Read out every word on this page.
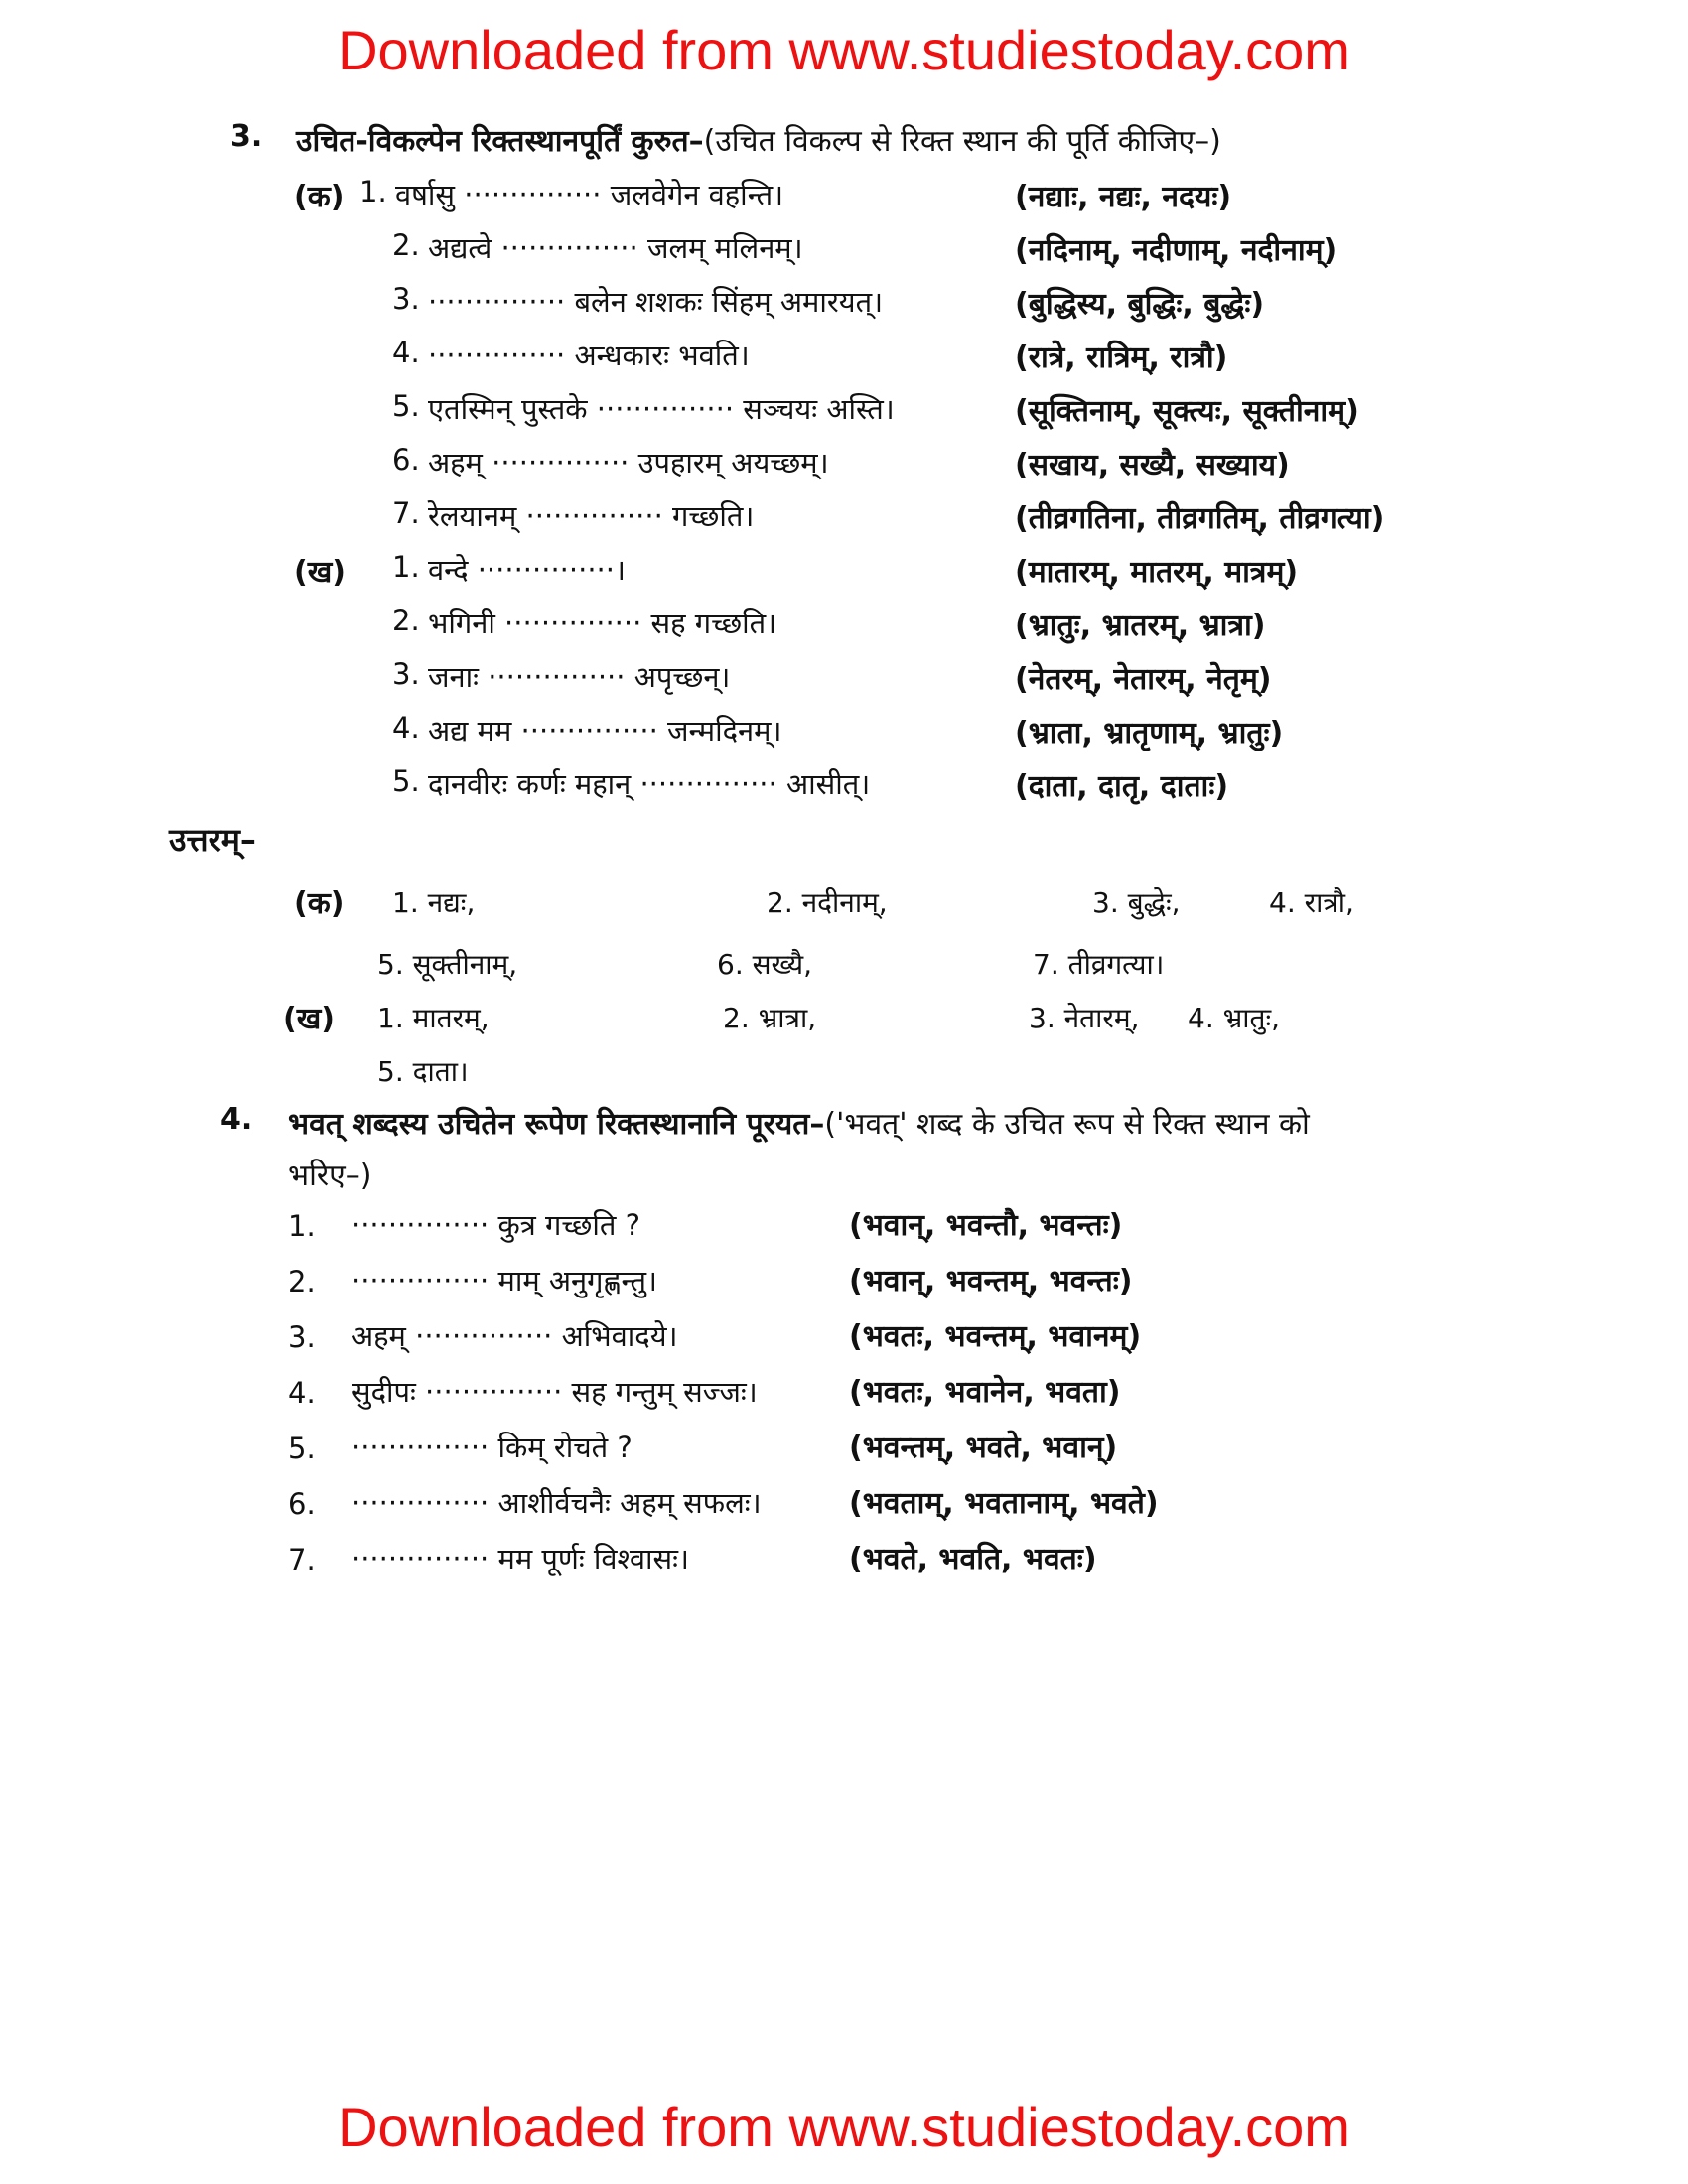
Downloaded from www.studiestoday.com
3. उचित-विकल्पेन रिक्तस्थानपूर्तिं कुरुत–(उचित विकल्प से रिक्त स्थान की पूर्ति कीजिए–)
(क) 1. वर्षासु ··············· जलवेगेन वहन्ति।	(नद्याः, नद्यः, नदयः)
2. अद्यत्वे ··············· जलम् मलिनम्।	(नदिनाम्, नदीणाम्, नदीनाम्)
3. ··············· बलेन शशकः सिंहम् अमारयत्।	(बुद्धिस्य, बुद्धिः, बुद्धेः)
4. ··············· अन्धकारः भवति।	(रात्रे, रात्रिम्, रात्रौ)
5. एतस्मिन् पुस्तके ··············· सञ्चयः अस्ति।	(सूक्तिनाम्, सूक्त्यः, सूक्तीनाम्)
6. अहम् ··············· उपहारम् अयच्छम्।	(सखाय, सख्यै, सख्याय)
7. रेलयानम् ··············· गच्छति।	(तीव्रगतिना, तीव्रगतिम्, तीव्रगत्या)
(ख) 1. वन्दे ···············।	(मातारम्, मातरम्, मात्रम्)
2. भगिनी ··············· सह गच्छति।	(भ्रातुः, भ्रातरम्, भ्रात्रा)
3. जनाः ··············· अपृच्छन्।	(नेतरम्, नेतारम्, नेतृम्)
4. अद्य मम ··············· जन्मदिनम्।	(भ्राता, भ्रातृणाम्, भ्रातुः)
5. दानवीरः कर्णः महान् ··············· आसीत्।	(दाता, दातृ, दाताः)
उत्तरम्–
(क) 1. नद्यः,	2. नदीनाम्,	3. बुद्धेः,	4. रात्रौ,
5. सूक्तीनाम्,	6. सख्यै,	7. तीव्रगत्या।
(ख) 1. मातरम्,	2. भ्रात्रा,	3. नेतारम्, 4. भ्रातुः,
5. दाता।
4. भवत् शब्दस्य उचितेन रूपेण रिक्तस्थानानि पूरयत–('भवत्' शब्द के उचित रूप से रिक्त स्थान को
भरिए–)
1. ··············· कुत्र गच्छति ?	(भवान्, भवन्तौ, भवन्तः)
2. ··············· माम् अनुगृह्णन्तु।	(भवान्, भवन्तम्, भवन्तः)
3. अहम् ··············· अभिवादये।	(भवतः, भवन्तम्, भवानम्)
4. सुदीपः ··············· सह गन्तुम् सज्जः।	(भवतः, भवानेन, भवता)
5. ··············· किम् रोचते ?	(भवन्तम्, भवते, भवान्)
6. ··············· आशीर्वचनैः अहम् सफलः।	(भवताम्, भवतानाम्, भवते)
7. ··············· मम पूर्णः विश्वासः।	(भवते, भवति, भवतः)
Downloaded from www.studiestoday.com
